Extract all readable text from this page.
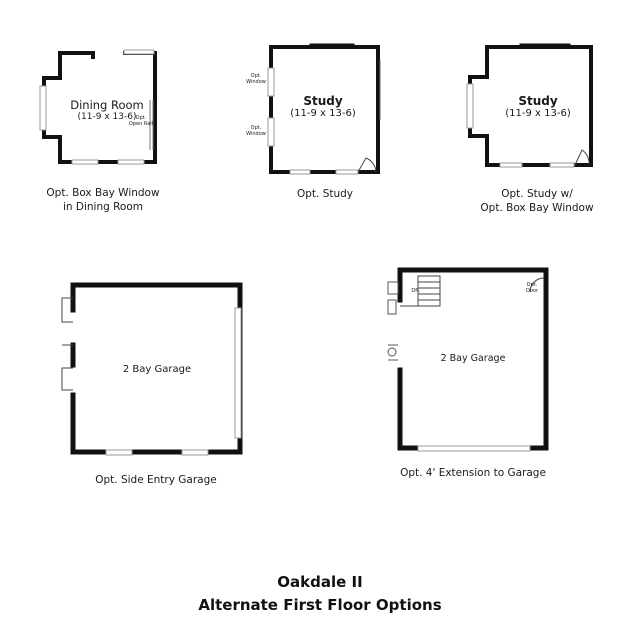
Dining Room
(11-9 x 13-6) Opt.
Open Rail
Opt. Box Bay Window
in Dining Room
Study
(11-9 x 13-6)
Opt.
Window
Opt.
Window
Opt. Study
Study
(11-9 x 13-6)
Opt. Study w/
Opt. Box Bay Window
2 Bay Garage
Opt. Side Entry Garage
2 Bay Garage
DN.
Opt.
Door
Opt. 4' Extension to Garage
Oakdale II
Alternate First Floor Options
